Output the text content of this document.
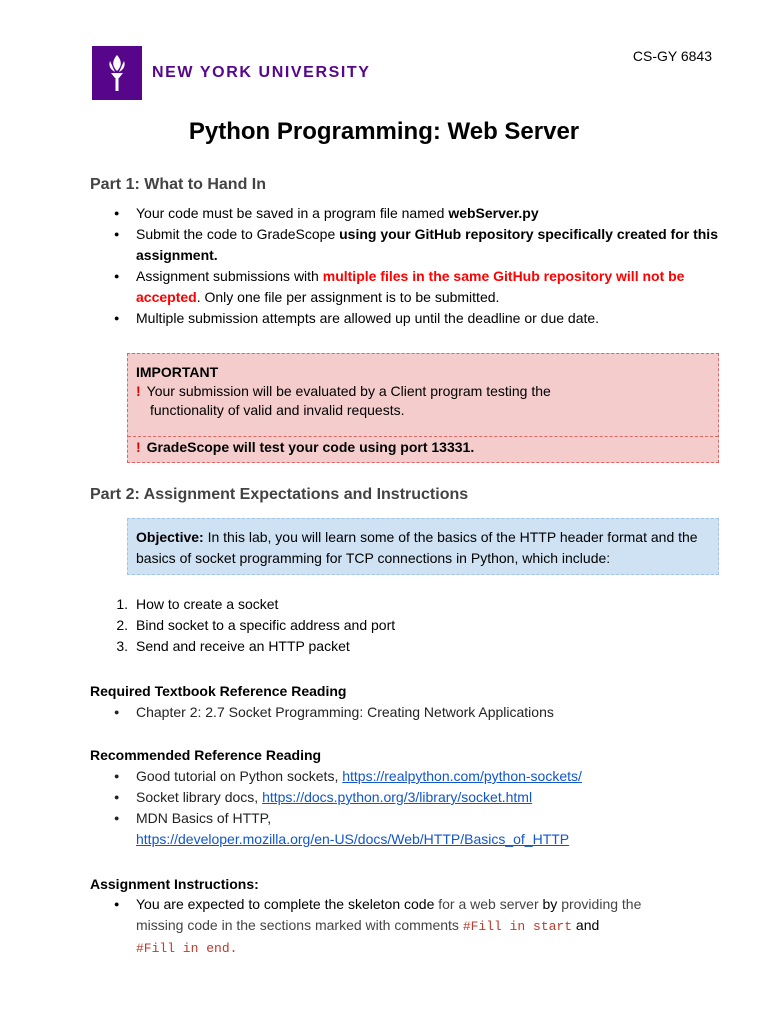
NEW YORK UNIVERSITY
CS-GY 6843
Python Programming: Web Server
Part 1: What to Hand In
● Your code must be saved in a program file named webServer.py
● Submit the code to GradeScope using your GitHub repository specifically created for this assignment.
● Assignment submissions with multiple files in the same GitHub repository will not be accepted. Only one file per assignment is to be submitted.
● Multiple submission attempts are allowed up until the deadline or due date.
IMPORTANT
! Your submission will be evaluated by a Client program testing the
functionality of valid and invalid requests.
! GradeScope will test your code using port 13331.
Part 2: Assignment Expectations and Instructions
Objective: In this lab, you will learn some of the basics of the HTTP header format and the basics of socket programming for TCP connections in Python, which include:
1. How to create a socket
2. Bind socket to a specific address and port
3. Send and receive an HTTP packet
Required Textbook Reference Reading
● Chapter 2: 2.7 Socket Programming: Creating Network Applications
Recommended Reference Reading
● Good tutorial on Python sockets, https://realpython.com/python-sockets/
● Socket library docs, https://docs.python.org/3/library/socket.html
● MDN Basics of HTTP,
https://developer.mozilla.org/en-US/docs/Web/HTTP/Basics_of_HTTP
Assignment Instructions:
● You are expected to complete the skeleton code for a web server by providing the missing code in the sections marked with comments #Fill in start and
#Fill in end.
